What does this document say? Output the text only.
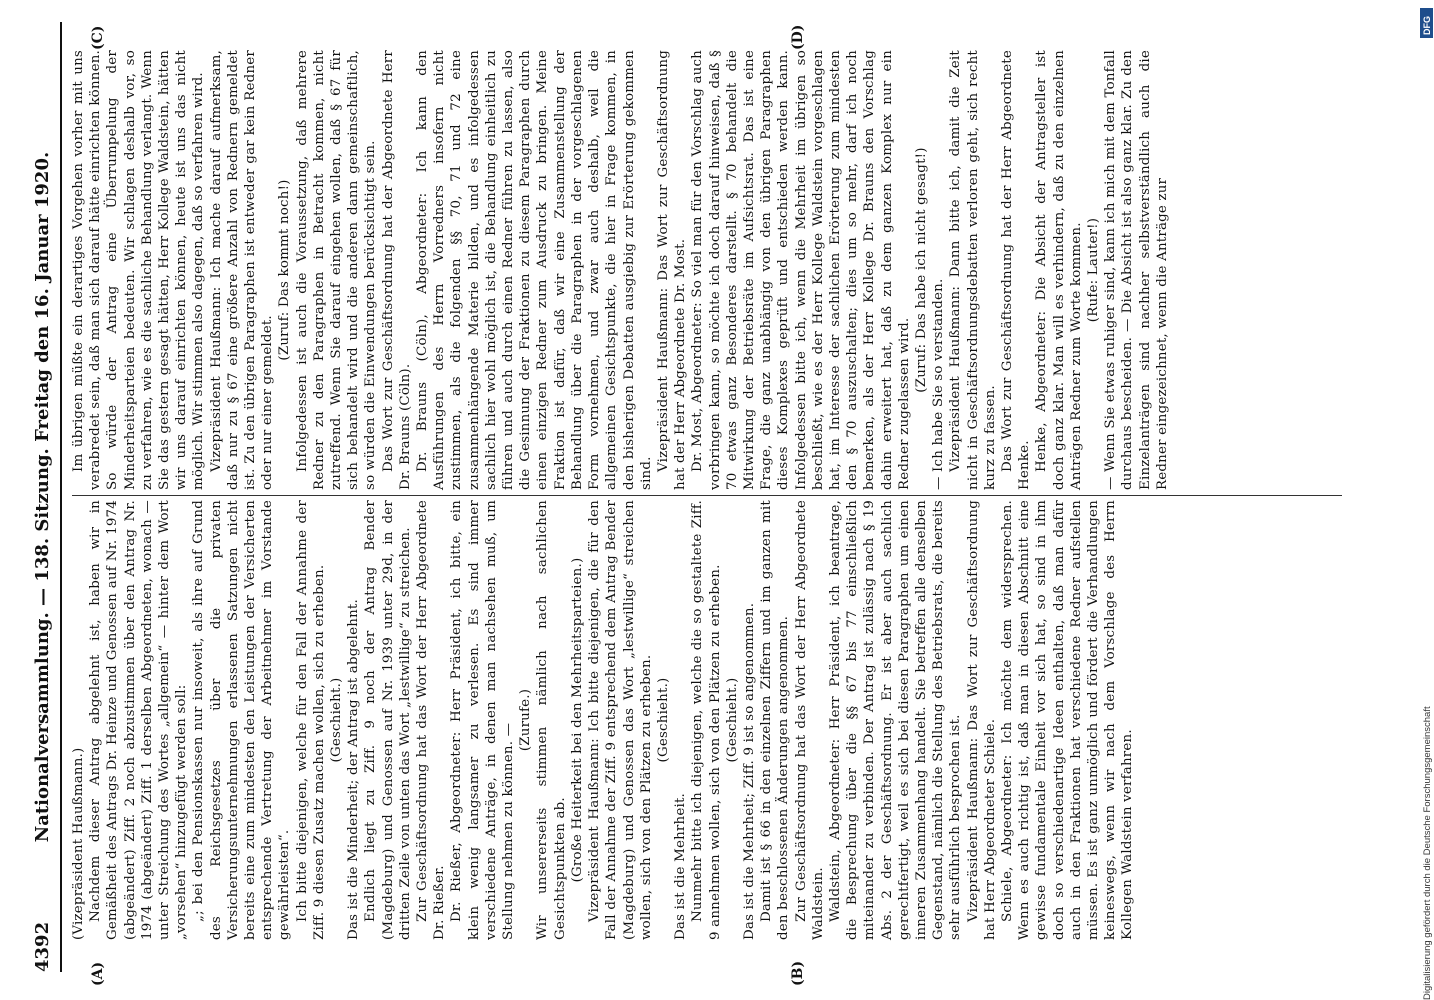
4392
Nationalversammlung. — 138. Sitzung. Freitag den 16. Januar 1920.
(A)	(B)
(C)	(D)

(Vizepräsident Haußmann.) Nachdem dieser Antrag abgelehnt ist, haben wir in Gemäßheit des Antrags Dr. Heinze und Genossen auf Nr. 1974 (abgeändert) Ziff. 2 noch abzustimmen über den Antrag Nr. 1974 (abgeändert) Ziff. 1 derselben Abgeordneten, wonach — unter Streichung des Wortes „allgemein“ — hinter dem Wort „vorsehen“ hinzugefügt werden soll: „; bei den Pensionskassen nur insoweit, als ihre auf Grund des Reichsgesetzes über die privaten Versicherungsunternehmungen erlassenen Satzungen nicht bereits eine zum mindesten den Leistungen der Versicherten entsprechende Vertretung der Arbeitnehmer im Vorstande gewährleisten“. Ich bitte diejenigen, welche für den Fall der Annahme der Ziff. 9 diesen Zusatz machen wollen, sich zu erheben. (Geschieht.) Das ist die Minderheit; der Antrag ist abgelehnt. Endlich liegt zu Ziff. 9 noch der Antrag Bender (Magdeburg) und Genossen auf Nr. 1939 unter 29d, in der dritten Zeile von unten das Wort „lestwillige“ zu streichen. Zur Geschäftsordnung hat das Wort der Herr Abgeordnete Dr. Rießer. Dr. Rießer, Abgeordneter: Herr Präsident, ich bitte, ein klein wenig langsamer zu verlesen. Es sind immer verschiedene Anträge, in denen man nachsehen muß, um Stellung nehmen zu können. —

(Zurufe.) Wir unsererseits stimmen nämlich nach sachlichen Gesichtspunkten ab. (Große Heiterkeit bei den Mehrheitsparteien.) Vizepräsident Haußmann: Ich bitte diejenigen, die für den Fall der Annahme der Ziff. 9 entsprechend dem Antrag Bender (Magdeburg) und Genossen das Wort „lestwillige“ streichen wollen, sich von den Plätzen zu erheben. (Geschieht.)

Das ist die Mehrheit. Nunmehr bitte ich diejenigen, welche die so gestaltete Ziff. 9 annehmen wollen, sich von den Plätzen zu erheben. (Geschieht.) Das ist die Mehrheit; Ziff. 9 ist so angenommen. Damit ist § 66 in den einzelnen Ziffern und im ganzen mit den beschlossenen Änderungen angenommen. Zur Geschäftsordnung hat das Wort der Herr Abgeordnete Waldstein. Waldstein, Abgeordneter: Herr Präsident, ich beantrage, die Besprechung über die §§ 67 bis 77 einschließlich miteinander zu verbinden. Der Antrag ist zulässig nach § 19 Abs. 2 der Geschäftsordnung. Er ist aber auch sachlich gerechtfertigt, weil es sich bei diesen Paragraphen um einen inneren Zusammenhang handelt. Sie betreffen alle denselben Gegenstand, nämlich die Stellung des Betriebsrats, die bereits sehr ausführlich besprochen ist. Vizepräsident Haußmann: Das Wort zur Geschäftsordnung hat Herr Abgeordneter Schiele. Schiele, Abgeordneter: Ich möchte dem widersprechen. Wenn es auch richtig ist, daß man in diesen Abschnitt eine gewisse fundamentale Einheit vor sich hat, so sind in ihm doch so verschiedenartige Ideen enthalten, daß man dafür auch in den Fraktionen hat verschiedene Redner aufstellen müssen. Es ist ganz unmöglich und fördert die Verhandlungen keineswegs, wenn wir nach dem Vorschlage des Herrn Kollegen Waldstein verfahren.

Im übrigen müßte ein derartiges Vorgehen vorher mit uns verabredet sein, daß man sich darauf hätte einrichten können. So würde der Antrag eine Überrumpelung der Minderheitsparteien bedeuten. Wir schlagen deshalb vor, so zu verfahren, wie es die sachliche Behandlung verlangt. Wenn Sie das gestern gesagt hätten, Herr Kollege Waldstein, hätten wir uns darauf einrichten können, heute ist uns das nicht möglich. Wir stimmen also dagegen, daß so verfahren wird. Vizepräsident Haußmann: Ich mache darauf aufmerksam, daß nur zu § 67 eine größere Anzahl von Rednern gemeldet ist. Zu den übrigen Paragraphen ist entweder gar kein Redner oder nur einer gemeldet.

(Zuruf: Das kommt noch!) Infolgedessen ist auch die Voraussetzung, daß mehrere Redner zu den Paragraphen in Betracht kommen, nicht zutreffend. Wenn Sie darauf eingehen wollen, daß § 67 für sich behandelt wird und die anderen dann gemeinschaftlich, so würden die Einwendungen berücksichtigt sein. Das Wort zur Geschäftsordnung hat der Abgeordnete Herr Dr. Brauns (Cöln). Dr. Brauns (Cöln), Abgeordneter: Ich kann den Ausführungen des Herrn Vorredners insofern nicht zustimmen, als die folgenden §§ 70, 71 und 72 eine zusammenhängende Materie bilden, und es infolgedessen sachlich hier wohl möglich ist, die Behandlung einheitlich zu führen und auch durch einen Redner führen zu lassen, also die Gesinnung der Fraktionen zu diesem Paragraphen durch einen einzigen Redner zum Ausdruck zu bringen. Meine Fraktion ist dafür, daß wir eine Zusammenstellung der Behandlung über die Paragraphen in der vorgeschlagenen Form vornehmen, und zwar auch deshalb, weil die allgemeinen Gesichtspunkte, die hier in Frage kommen, in den bisherigen Debatten ausgiebig zur Erörterung gekommen sind.

Vizepräsident Haußmann: Das Wort zur Geschäftsordnung hat der Herr Abgeordnete Dr. Most. Dr. Most, Abgeordneter: So viel man für den Vorschlag auch vorbringen kann, so möchte ich doch darauf hinweisen, daß § 70 etwas ganz Besonderes darstellt. § 70 behandelt die Mitwirkung der Betriebsräte im Aufsichtsrat. Das ist eine Frage, die ganz unabhängig von den übrigen Paragraphen dieses Komplexes geprüft und entschieden werden kann. Infolgedessen bitte ich, wenn die Mehrheit im übrigen so beschließt, wie es der Herr Kollege Waldstein vorgeschlagen hat, im Interesse der sachlichen Erörterung zum mindesten den § 70 auszuschalten; dies um so mehr, darf ich noch bemerken, als der Herr Kollege Dr. Brauns den Vorschlag dahin erweitert hat, daß zu dem ganzen Komplex nur ein Redner zugelassen wird.

(Zuruf: Das habe ich nicht gesagt!) — Ich habe Sie so verstanden. Vizepräsident Haußmann: Dann bitte ich, damit die Zeit nicht in Geschäftsordnungsdebatten verloren geht, sich recht kurz zu fassen. Das Wort zur Geschäftsordnung hat der Herr Abgeordnete Henke. Henke, Abgeordneter: Die Absicht der Antragsteller ist doch ganz klar. Man will es verhindern, daß zu den einzelnen Anträgen Redner zum Worte kommen. (Rufe: Lauter!) — Wenn Sie etwas ruhiger sind, kann ich mich mit dem Tonfall durchaus bescheiden. — Die Absicht ist also ganz klar. Zu den Einzelanträgen sind nachher selbstverständlich auch die Redner eingezeichnet, wenn die Anträge zur

DFG
Digitalisierung gefördert durch die Deutsche Forschungsgemeinschaft
